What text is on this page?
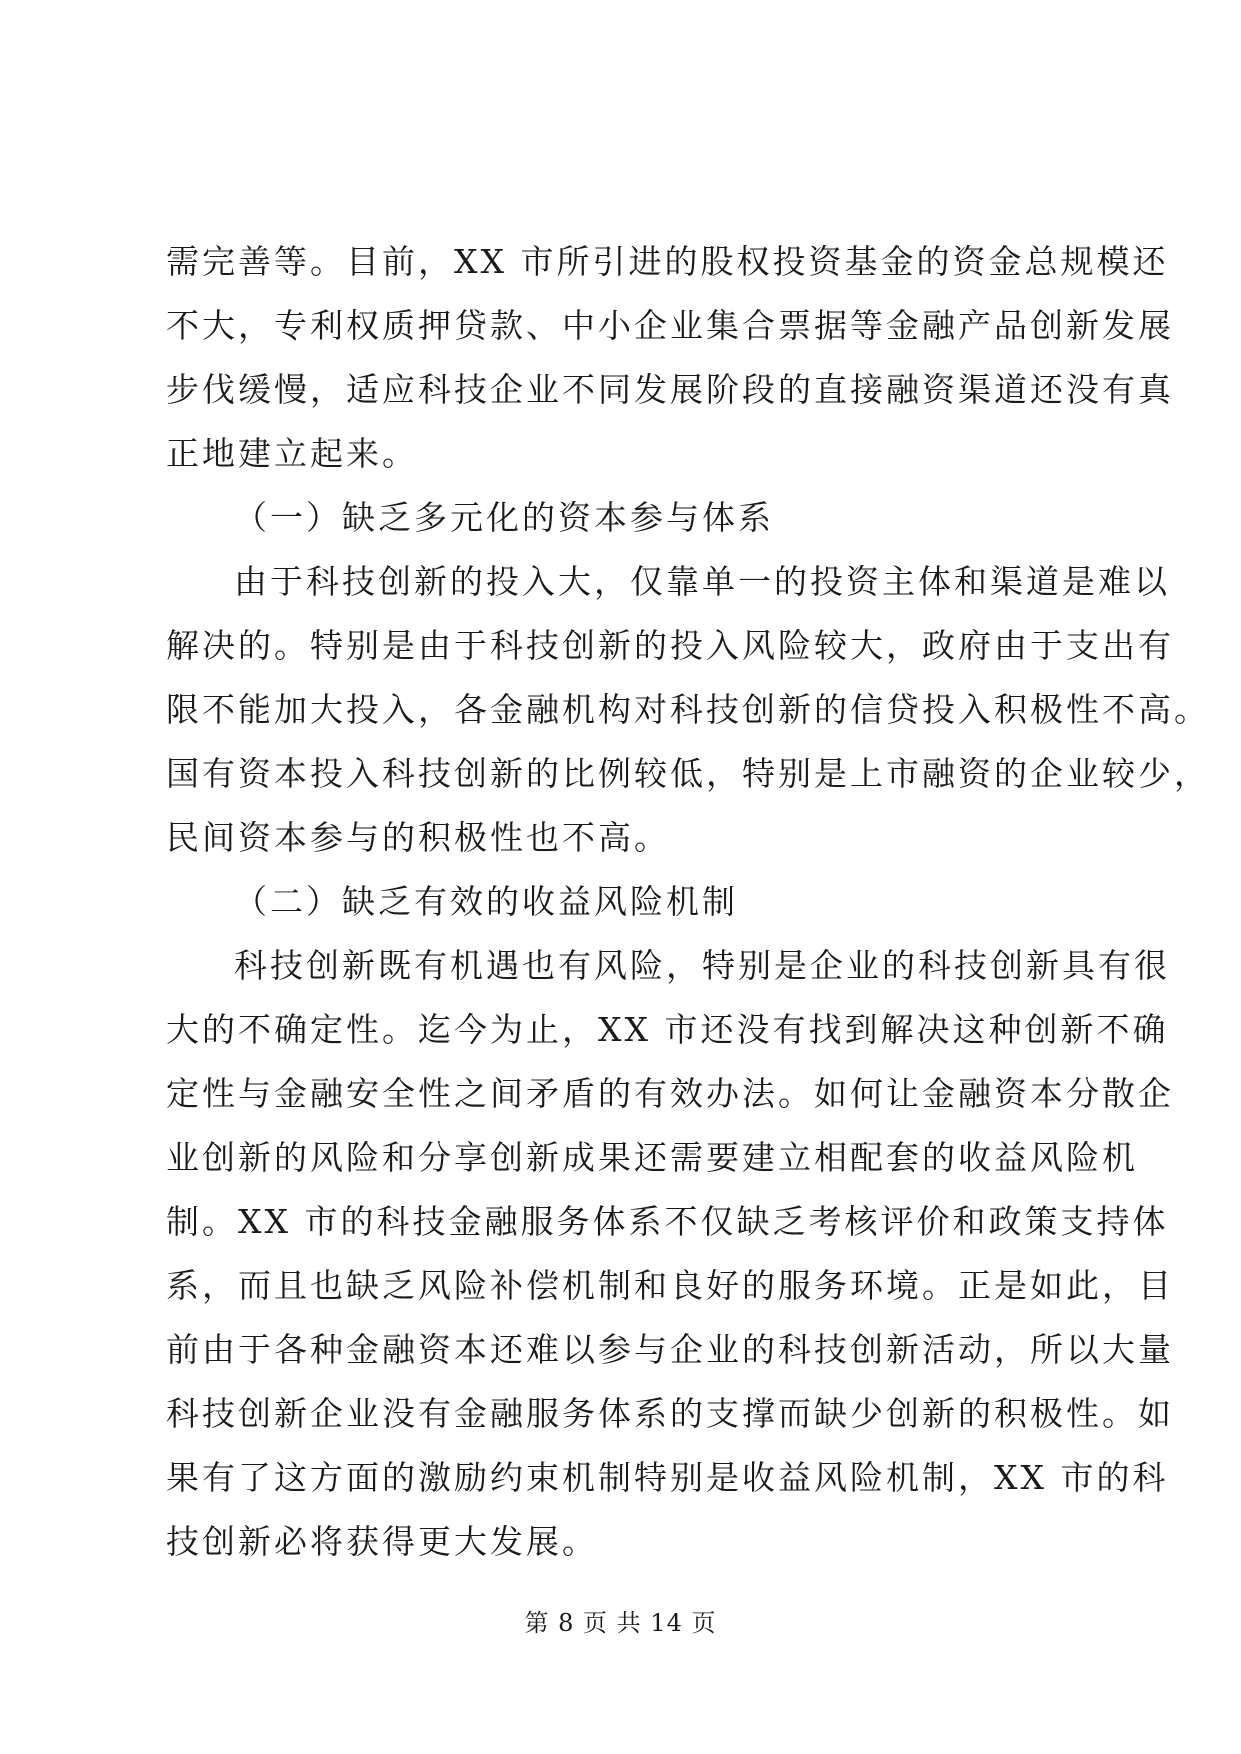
需完善等。目前，XX 市所引进的股权投资基金的资金总规模还
不大，专利权质押贷款、中小企业集合票据等金融产品创新发展
步伐缓慢，适应科技企业不同发展阶段的直接融资渠道还没有真
正地建立起来。
（一）缺乏多元化的资本参与体系
由于科技创新的投入大，仅靠单一的投资主体和渠道是难以
解决的。特别是由于科技创新的投入风险较大，政府由于支出有
限不能加大投入，各金融机构对科技创新的信贷投入积极性不高。
国有资本投入科技创新的比例较低，特别是上市融资的企业较少，
民间资本参与的积极性也不高。
（二）缺乏有效的收益风险机制
科技创新既有机遇也有风险，特别是企业的科技创新具有很
大的不确定性。迄今为止，XX 市还没有找到解决这种创新不确
定性与金融安全性之间矛盾的有效办法。如何让金融资本分散企
业创新的风险和分享创新成果还需要建立相配套的收益风险机
制。XX 市的科技金融服务体系不仅缺乏考核评价和政策支持体
系，而且也缺乏风险补偿机制和良好的服务环境。正是如此，目
前由于各种金融资本还难以参与企业的科技创新活动，所以大量
科技创新企业没有金融服务体系的支撑而缺少创新的积极性。如
果有了这方面的激励约束机制特别是收益风险机制，XX 市的科
技创新必将获得更大发展。
第 8 页 共 14 页
